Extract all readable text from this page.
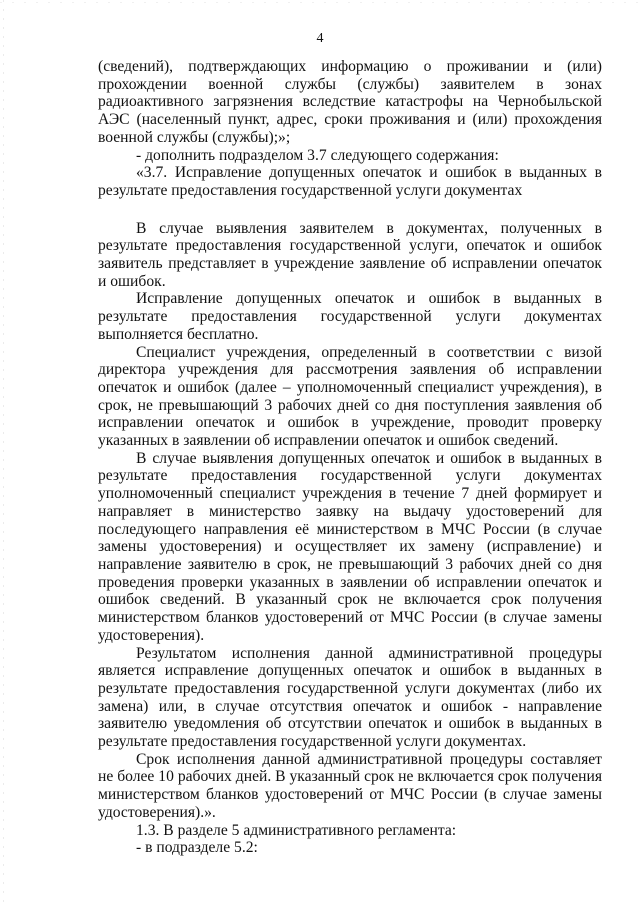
4

(сведений), подтверждающих информацию о проживании и (или) прохождении военной службы (службы) заявителем в зонах радиоактивного загрязнения вследствие катастрофы на Чернобыльской АЭС (населенный пункт, адрес, сроки проживания и (или) прохождения военной службы (службы);»;

- дополнить подразделом 3.7 следующего содержания:

«3.7. Исправление допущенных опечаток и ошибок в выданных в результате предоставления государственной услуги документах

В случае выявления заявителем в документах, полученных в результате предоставления государственной услуги, опечаток и ошибок заявитель представляет в учреждение заявление об исправлении опечаток и ошибок.

Исправление допущенных опечаток и ошибок в выданных в результате предоставления государственной услуги документах выполняется бесплатно.

Специалист учреждения, определенный в соответствии с визой директора учреждения для рассмотрения заявления об исправлении опечаток и ошибок (далее – уполномоченный специалист учреждения), в срок, не превышающий 3 рабочих дней со дня поступления заявления об исправлении опечаток и ошибок в учреждение, проводит проверку указанных в заявлении об исправлении опечаток и ошибок сведений.

В случае выявления допущенных опечаток и ошибок в выданных в результате предоставления государственной услуги документах уполномоченный специалист учреждения в течение 7 дней формирует и направляет в министерство заявку на выдачу удостоверений для последующего направления её министерством в МЧС России (в случае замены удостоверения) и осуществляет их замену (исправление) и направление заявителю в срок, не превышающий 3 рабочих дней со дня проведения проверки указанных в заявлении об исправлении опечаток и ошибок сведений. В указанный срок не включается срок получения министерством бланков удостоверений от МЧС России (в случае замены удостоверения).

Результатом исполнения данной административной процедуры является исправление допущенных опечаток и ошибок в выданных в результате предоставления государственной услуги документах (либо их замена) или, в случае отсутствия опечаток и ошибок - направление заявителю уведомления об отсутствии опечаток и ошибок в выданных в результате предоставления государственной услуги документах.

Срок исполнения данной административной процедуры составляет не более 10 рабочих дней. В указанный срок не включается срок получения министерством бланков удостоверений от МЧС России (в случае замены удостоверения).».

1.3. В разделе 5 административного регламента:

- в подразделе 5.2:
